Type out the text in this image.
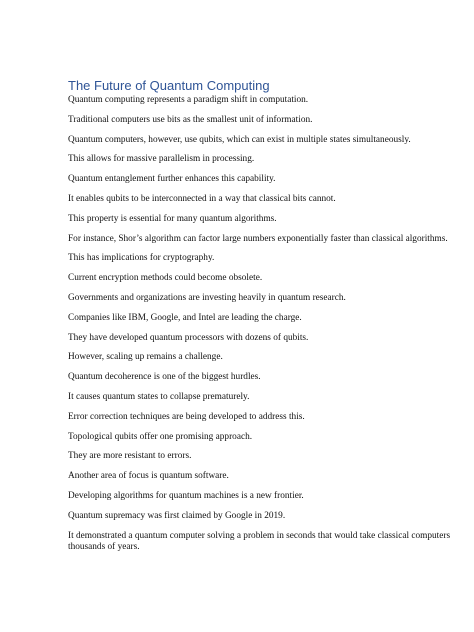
The Future of Quantum Computing

Quantum computing represents a paradigm shift in computation.

Traditional computers use bits as the smallest unit of information.

Quantum computers, however, use qubits, which can exist in multiple states simultaneously.

This allows for massive parallelism in processing.

Quantum entanglement further enhances this capability.

It enables qubits to be interconnected in a way that classical bits cannot.

This property is essential for many quantum algorithms.

For instance, Shor’s algorithm can factor large numbers exponentially faster than classical algorithms.

This has implications for cryptography.

Current encryption methods could become obsolete.

Governments and organizations are investing heavily in quantum research.

Companies like IBM, Google, and Intel are leading the charge.

They have developed quantum processors with dozens of qubits.

However, scaling up remains a challenge.

Quantum decoherence is one of the biggest hurdles.

It causes quantum states to collapse prematurely.

Error correction techniques are being developed to address this.

Topological qubits offer one promising approach.

They are more resistant to errors.

Another area of focus is quantum software.

Developing algorithms for quantum machines is a new frontier.

Quantum supremacy was first claimed by Google in 2019.

It demonstrated a quantum computer solving a problem in seconds that would take classical computers thousands of years.
